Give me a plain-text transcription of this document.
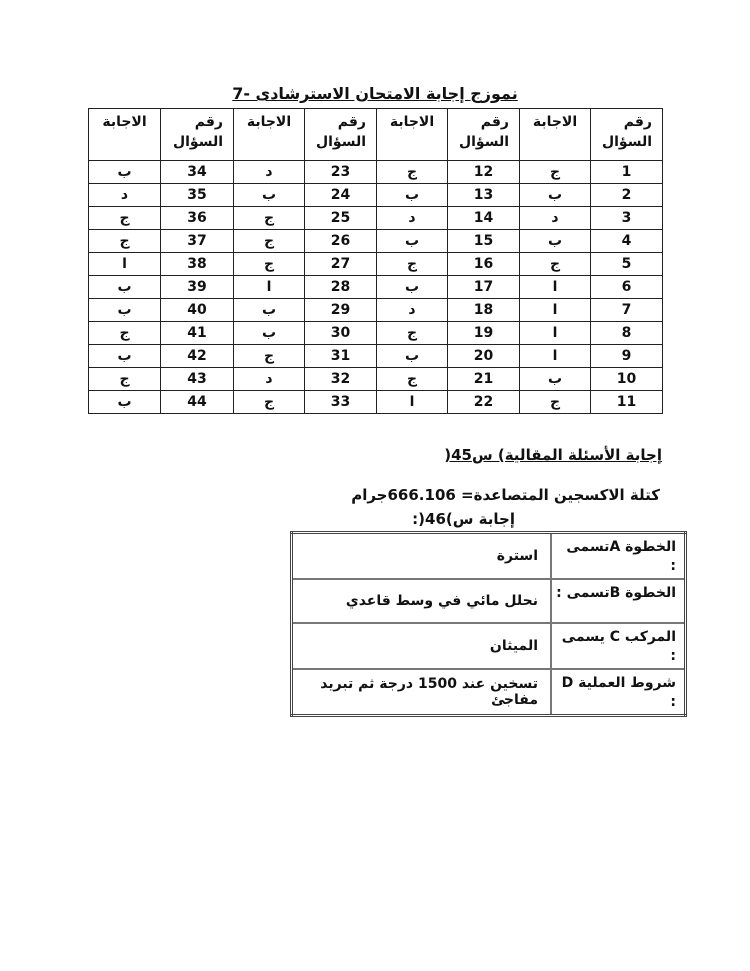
نموزج إجابة الامتحان الاسترشادى -7
رقم السؤال	الاجابة	رقم السؤال	الاجابة	رقم السؤال	الاجابة	رقم السؤال	الاجابة
1	ج	12	ج	23	د	34	ب
2	ب	13	ب	24	ب	35	د
3	د	14	د	25	ج	36	ج
4	ب	15	ب	26	ج	37	ج
5	ج	16	ج	27	ج	38	ا
6	ا	17	ب	28	ا	39	ب
7	ا	18	د	29	ب	40	ب
8	ا	19	ج	30	ب	41	ج
9	ا	20	ب	31	ج	42	ب
10	ب	21	ج	32	د	43	ج
11	ج	22	ا	33	ج	44	ب
إجابة الأسئلة المقالية) س45(
كتلة الاكسجين المتصاعدة= 666.106جرام
إجابة س)46(:
الخطوة Aتسمى :	استرة
الخطوة Bتسمى :	نحلل مائي في وسط قاعدي
المركب C يسمى :	الميثان
شروط العملية D :	تسخين عند 1500 درجة ثم تبريد مفاجئ
